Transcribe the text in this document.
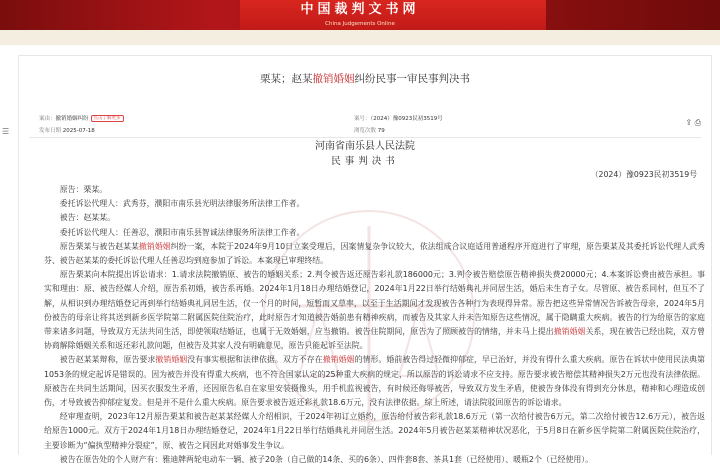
中国裁判文书网
China Judgements Online
☰
栗某；赵某撤销婚姻纠纷民事一审民事判决书
案由：撤销婚姻纠纷 点击了解更多
发布日期 2025-07-18
案号：（2024）豫0923民初3519号
浏览次数 79
⇪ ⎙
河南省南乐县人民法院
民事判决书
（2024）豫0923民初3519号

原告：栗某。

委托诉讼代理人：武秀芬，濮阳市南乐县光明法律服务所法律工作者。

被告：赵某某。

委托诉讼代理人：任善忍，濮阳市南乐县智诚法律服务所法律工作者。

原告栗某与被告赵某某撤销婚姻纠纷一案，本院于2024年9月10日立案受理后，因案情复杂争议较大，依法组成合议庭适用普通程序开庭进行了审理，原告栗某及其委托诉讼代理人武秀芬、被告赵某某的委托诉讼代理人任善忍均到庭参加了诉讼。本案现已审理终结。

原告栗某向本院提出诉讼请求：1.请求法院撤销原、被告的婚姻关系；2.判令被告返还原告彩礼款186000元；3.判令被告赔偿原告精神损失费20000元；4.本案诉讼费由被告承担。事实和理由：原、被告经媒人介绍，原告系初婚，被告系再婚。2024年1月18日办理结婚登记，2024年1月22日举行结婚典礼并同居生活，婚后未生育子女。尽管原、被告系同村，但互不了解，从相识到办理结婚登记再到举行结婚典礼同居生活，仅一个月的时间，短暂而又草率，以至于生活期间才发现被告各种行为表现得异常。原告把这些异常情况告诉被告母亲，2024年5月份被告的母亲让将其送到新乡医学院第二附属医院住院治疗，此时原告才知道被告婚前患有精神疾病，而被告及其家人并未告知原告这些情况，属于隐瞒重大疾病。被告的行为给原告的家庭带来诸多问题，导致双方无法共同生活，即使领取结婚证，也属于无效婚姻，应当撤销。被告住院期间，原告为了照顾被告的情绪，并未马上提出撤销婚姻关系，现在被告已经出院，双方曾协商解除婚姻关系和返还彩礼款问题，但被告及其家人没有明确意见，原告只能起诉至法院。

被告赵某某辩称，原告要求撤销婚姻没有事实根据和法律依据。双方不存在撤销婚姻的情形。婚前被告得过轻微抑郁症，早已治好，并没有得什么重大疾病。原告在诉状中使用民法典第1053条的规定起诉是错误的。因为被告并没有得重大疾病，也不符合国家认定的25种重大疾病的规定，所以原告的诉讼请求不应支持。原告要求被告赔偿其精神损失2万元也没有法律依据。原被告在共同生活期间，因买衣服发生矛盾，还因原告私自在家里安装摄像头，用手机监视被告，有时候还侮辱被告，导致双方发生矛盾，使被告身体没有得到充分休息，精神和心理造成创伤，才导致被告抑郁症复发。但是并不是什么重大疾病。原告要求被告返还彩礼款18.6万元，没有法律依据。综上所述，请法院驳回原告的诉讼请求。

经审理查明，2023年12月原告栗某和被告赵某某经媒人介绍相识，于2024年初订立婚约，原告给付被告彩礼款18.6万元（第一次给付被告6万元，第二次给付被告12.6万元），被告返给原告1000元。双方于2024年1月18日办理结婚登记，2024年1月22日举行结婚典礼并同居生活。2024年5月被告赵某某精神状况恶化，于5月8日在新乡医学院第二附属医院住院治疗，主要诊断为“偏执型精神分裂症”，原、被告之间因此对婚事发生争议。

被告在原告处的个人财产有：雅迪牌两轮电动车一辆、被子20条（自己做的14条、买的6条）、四件套8套、茶具1套（已经使用）、暖瓶2个（已经使用）。
